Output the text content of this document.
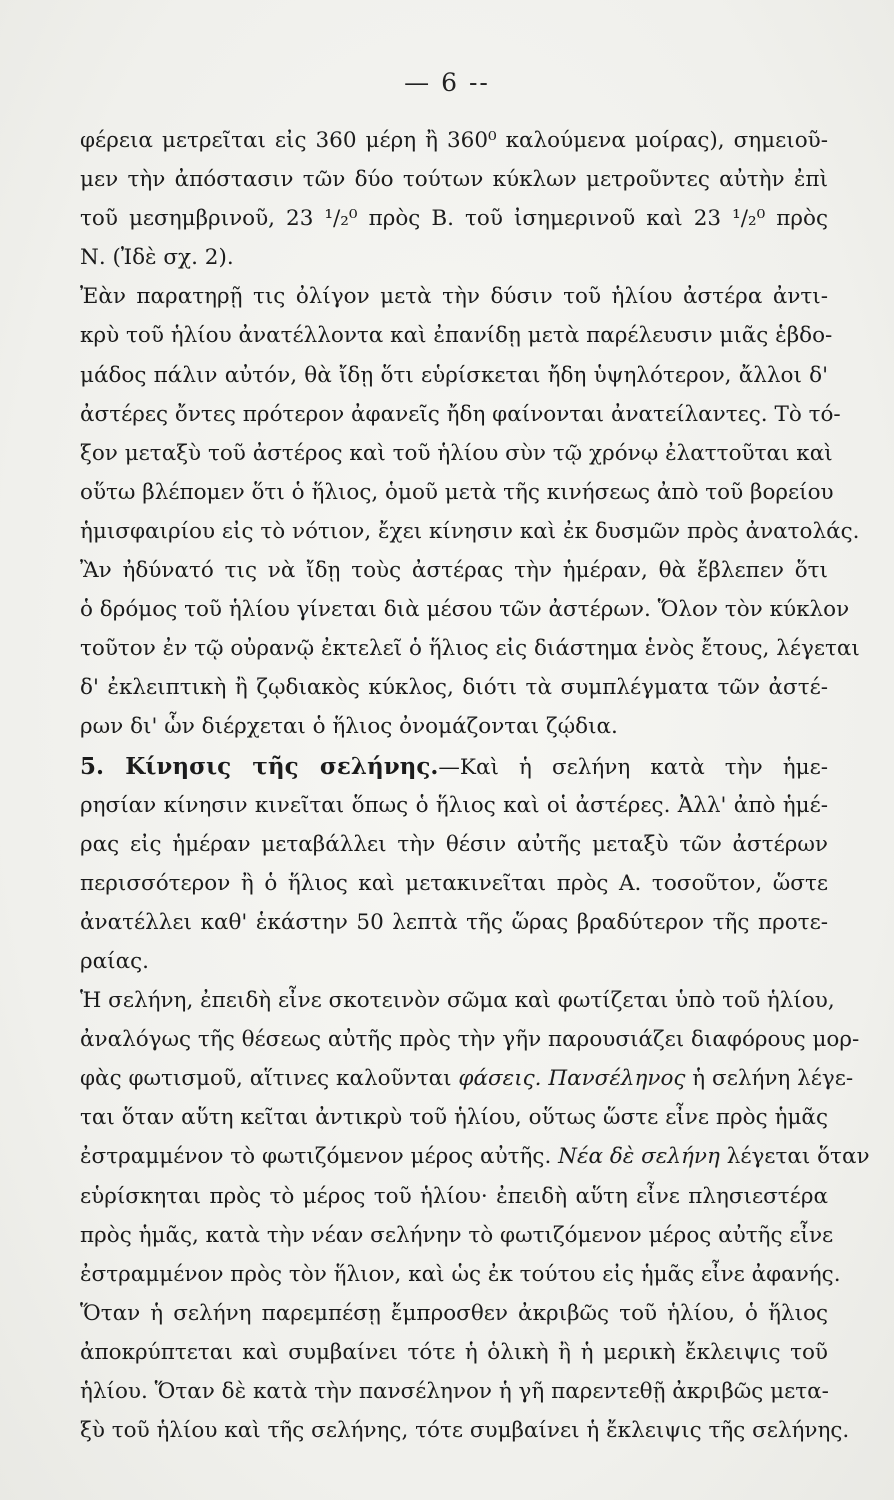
— 6 --
φέρεια μετρεῖται εἰς 360 μέρη ἢ 360⁰ καλούμενα μοίρας), σημειοῦ-
μεν τὴν ἀπόστασιν τῶν δύο τούτων κύκλων μετροῦντες αὐτὴν ἐπὶ
τοῦ μεσημβρινοῦ, 23 ¹/₂⁰ πρὸς Β. τοῦ ἰσημερινοῦ καὶ 23 ¹/₂⁰ πρὸς
Ν. (Ἰδὲ σχ. 2).
Ἐὰν παρατηρῇ τις ὀλίγον μετὰ τὴν δύσιν τοῦ ἡλίου ἀστέρα ἀντι-
κρὺ τοῦ ἡλίου ἀνατέλλοντα καὶ ἐπανίδῃ μετὰ παρέλευσιν μιᾶς ἑβδο-
μάδος πάλιν αὐτόν, θὰ ἴδῃ ὅτι εὑρίσκεται ἤδη ὑψηλότερον, ἄλλοι δ'
ἀστέρες ὄντες πρότερον ἀφανεῖς ἤδη φαίνονται ἀνατείλαντες. Τὸ τό-
ξον μεταξὺ τοῦ ἀστέρος καὶ τοῦ ἡλίου σὺν τῷ χρόνῳ ἐλαττοῦται καὶ
οὕτω βλέπομεν ὅτι ὁ ἥλιος, ὁμοῦ μετὰ τῆς κινήσεως ἀπὸ τοῦ βορείου
ἡμισφαιρίου εἰς τὸ νότιον, ἔχει κίνησιν καὶ ἐκ δυσμῶν πρὸς ἀνατολάς.
Ἂν ἠδύνατό τις νὰ ἴδῃ τοὺς ἀστέρας τὴν ἡμέραν, θὰ ἔβλεπεν ὅτι
ὁ δρόμος τοῦ ἡλίου γίνεται διὰ μέσου τῶν ἀστέρων. Ὅλον τὸν κύκλον
τοῦτον ἐν τῷ οὐρανῷ ἐκτελεῖ ὁ ἥλιος εἰς διάστημα ἑνὸς ἔτους, λέγεται
δ' ἐκλειπτικὴ ἢ ζῳδιακὸς κύκλος, διότι τὰ συμπλέγματα τῶν ἀστέ-
ρων δι' ὧν διέρχεται ὁ ἥλιος ὀνομάζονται ζῴδια.
5. Κίνησις τῆς σελήνης.—Καὶ ἡ σελήνη κατὰ τὴν ἡμε-
ρησίαν κίνησιν κινεῖται ὅπως ὁ ἥλιος καὶ οἱ ἀστέρες. Ἀλλ' ἀπὸ ἡμέ-
ρας εἰς ἡμέραν μεταβάλλει τὴν θέσιν αὐτῆς μεταξὺ τῶν ἀστέρων
περισσότερον ἢ ὁ ἥλιος καὶ μετακινεῖται πρὸς Α. τοσοῦτον, ὥστε
ἀνατέλλει καθ' ἑκάστην 50 λεπτὰ τῆς ὥρας βραδύτερον τῆς προτε-
ραίας.
Ἡ σελήνη, ἐπειδὴ εἶνε σκοτεινὸν σῶμα καὶ φωτίζεται ὑπὸ τοῦ ἡλίου,
ἀναλόγως τῆς θέσεως αὐτῆς πρὸς τὴν γῆν παρουσιάζει διαφόρους μορ-
φὰς φωτισμοῦ, αἵτινες καλοῦνται φάσεις. Πανσέληνος ἡ σελήνη λέγε-
ται ὅταν αὕτη κεῖται ἀντικρὺ τοῦ ἡλίου, οὕτως ὥστε εἶνε πρὸς ἡμᾶς
ἐστραμμένον τὸ φωτιζόμενον μέρος αὐτῆς. Νέα δὲ σελήνη λέγεται ὅταν
εὑρίσκηται πρὸς τὸ μέρος τοῦ ἡλίου· ἐπειδὴ αὕτη εἶνε πλησιεστέρα
πρὸς ἡμᾶς, κατὰ τὴν νέαν σελήνην τὸ φωτιζόμενον μέρος αὐτῆς εἶνε
ἐστραμμένον πρὸς τὸν ἥλιον, καὶ ὡς ἐκ τούτου εἰς ἡμᾶς εἶνε ἀφανής.
Ὅταν ἡ σελήνη παρεμπέσῃ ἔμπροσθεν ἀκριβῶς τοῦ ἡλίου, ὁ ἥλιος
ἀποκρύπτεται καὶ συμβαίνει τότε ἡ ὁλικὴ ἢ ἡ μερικὴ ἔκλειψις τοῦ
ἡλίου. Ὅταν δὲ κατὰ τὴν πανσέληνον ἡ γῆ παρεντεθῇ ἀκριβῶς μετα-
ξὺ τοῦ ἡλίου καὶ τῆς σελήνης, τότε συμβαίνει ἡ ἔκλειψις τῆς σελήνης.
